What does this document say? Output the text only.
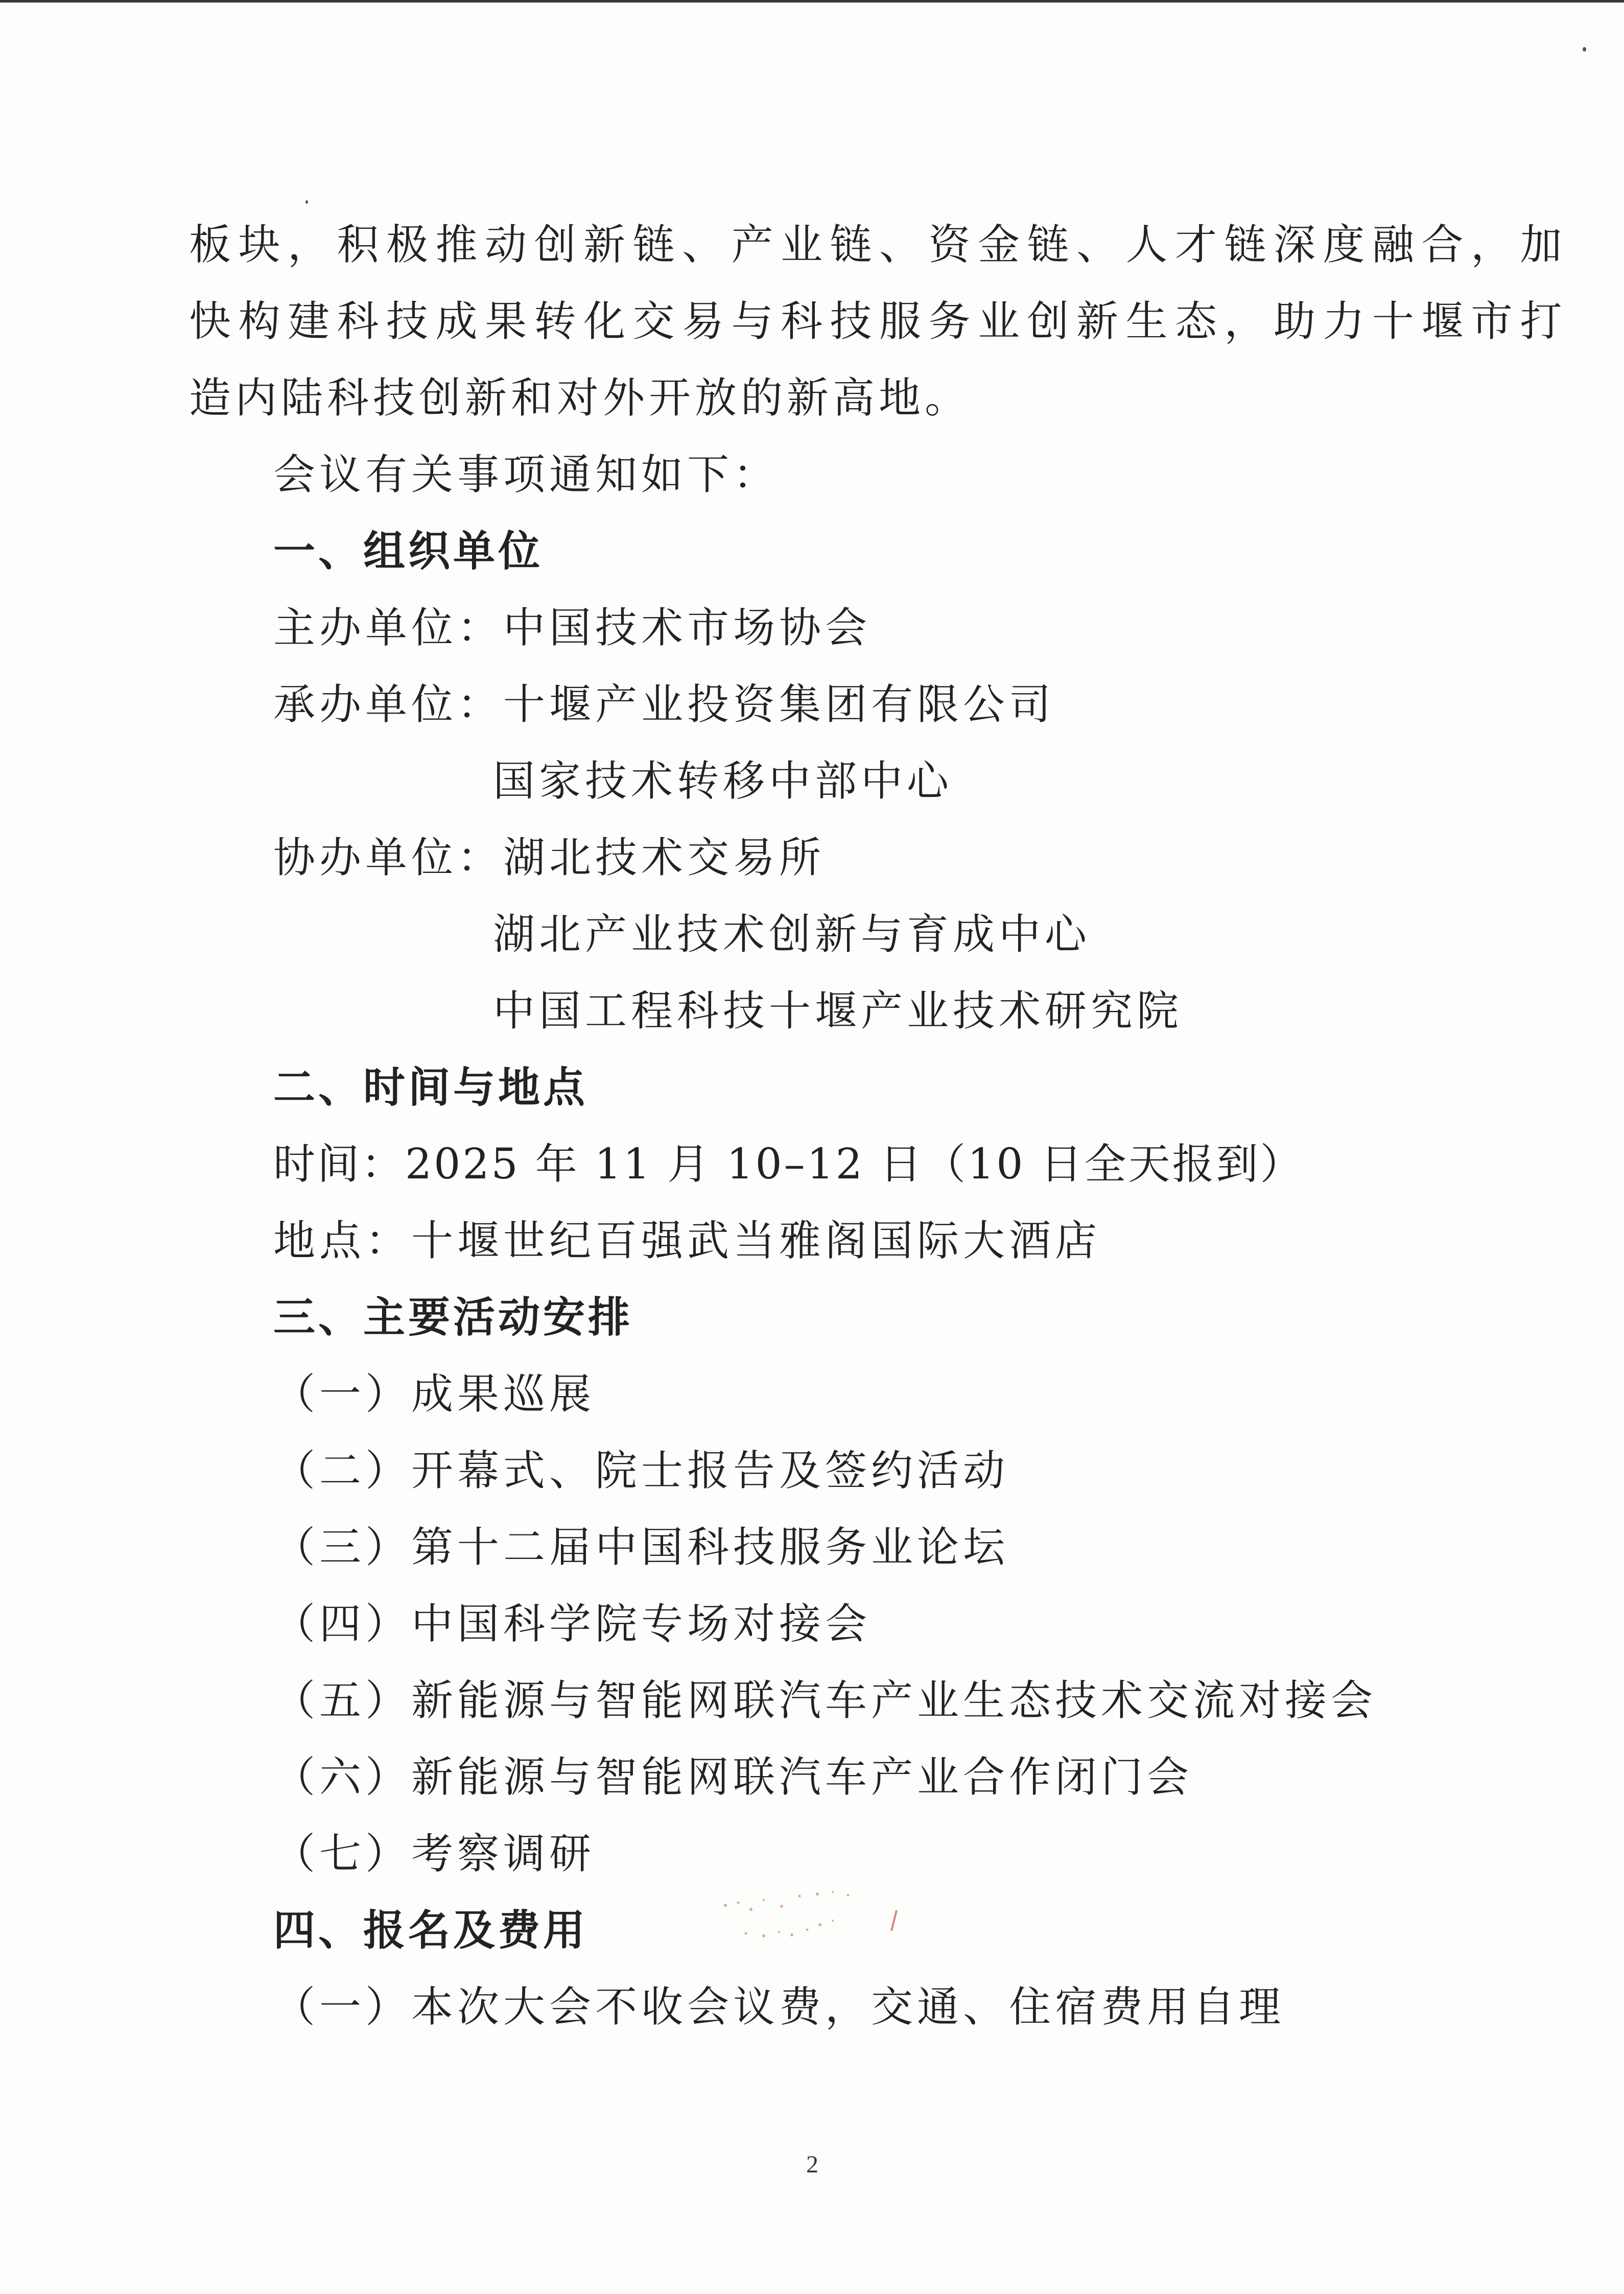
板块，积极推动创新链、产业链、资金链、人才链深度融合，加
快构建科技成果转化交易与科技服务业创新生态，助力十堰市打
造内陆科技创新和对外开放的新高地。
会议有关事项通知如下：
一、组织单位
主办单位：中国技术市场协会
承办单位：十堰产业投资集团有限公司
国家技术转移中部中心
协办单位：湖北技术交易所
湖北产业技术创新与育成中心
中国工程科技十堰产业技术研究院
二、时间与地点
时间：2025 年 11 月 10–12 日（10 日全天报到）
地点：十堰世纪百强武当雅阁国际大酒店
三、主要活动安排
（一）成果巡展
（二）开幕式、院士报告及签约活动
（三）第十二届中国科技服务业论坛
（四）中国科学院专场对接会
（五）新能源与智能网联汽车产业生态技术交流对接会
（六）新能源与智能网联汽车产业合作闭门会
（七）考察调研
四、报名及费用
（一）本次大会不收会议费，交通、住宿费用自理
2
